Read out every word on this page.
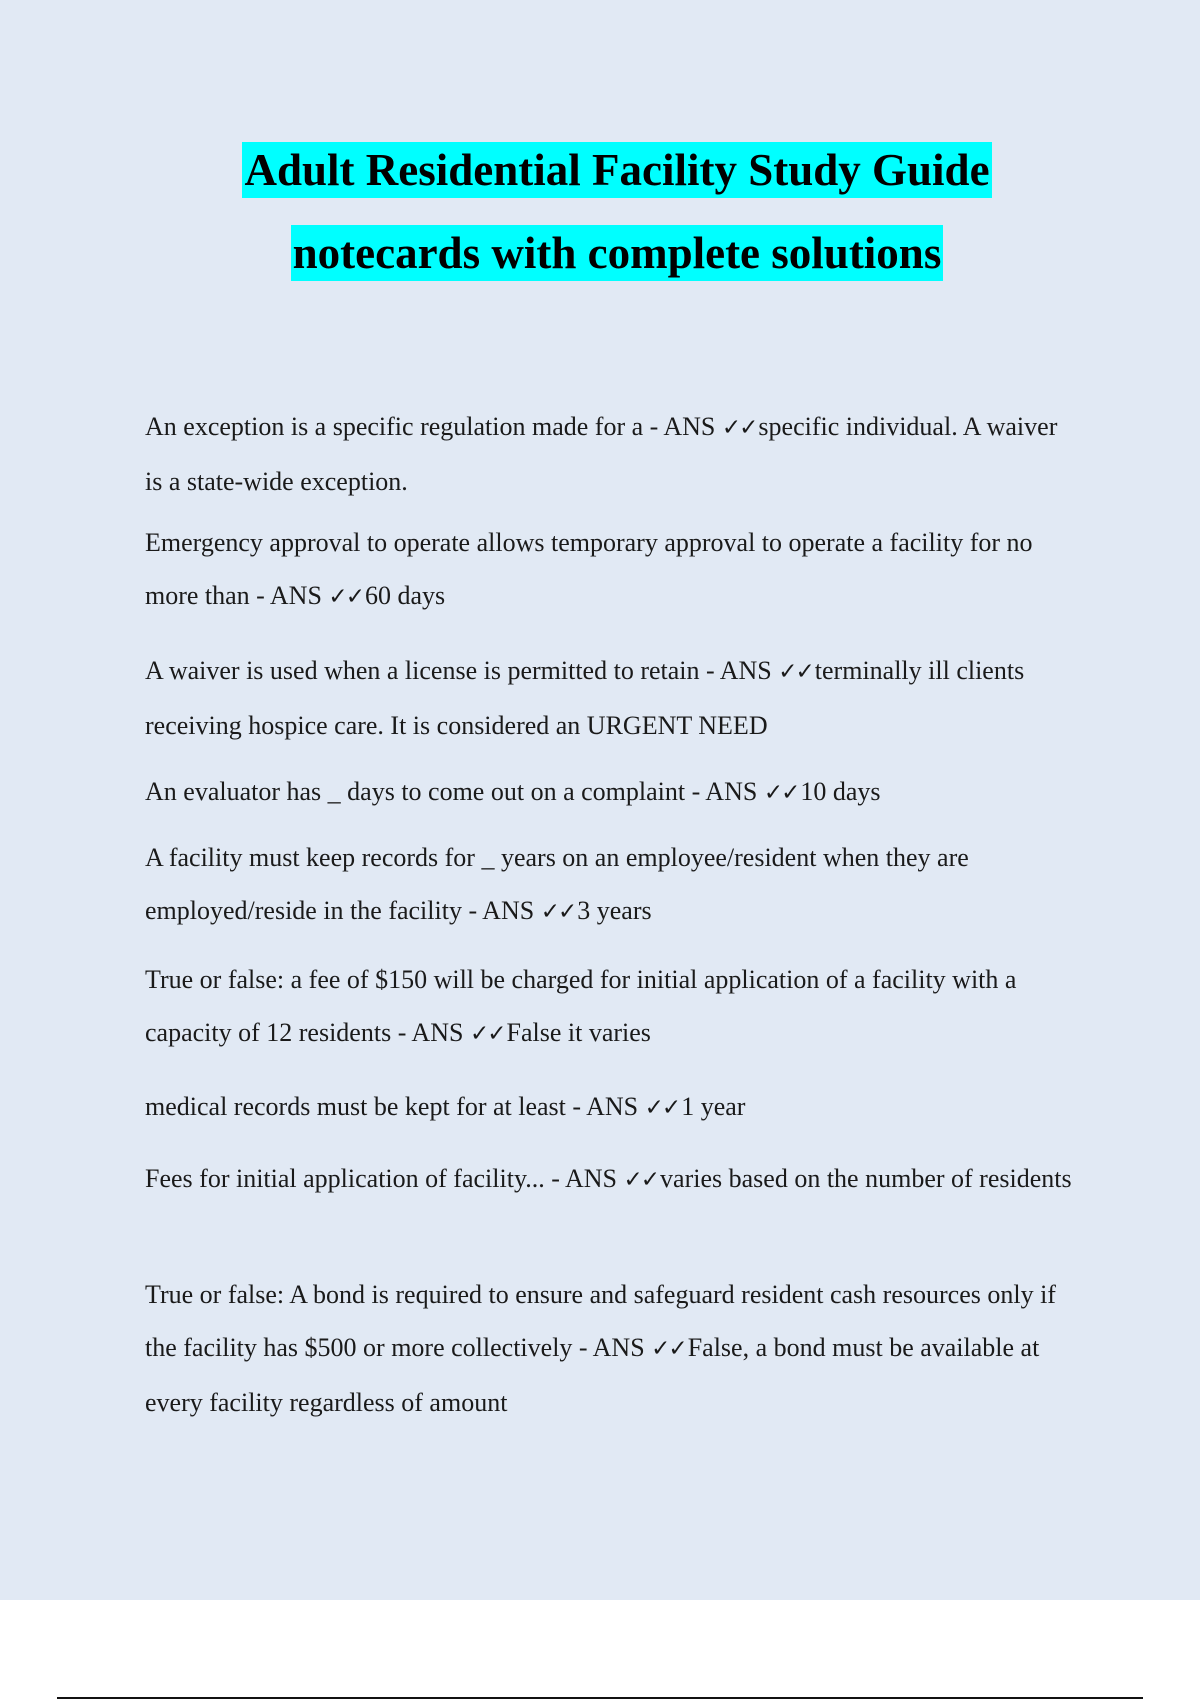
Adult Residential Facility Study Guide
notecards with complete solutions

An exception is a specific regulation made for a - ANS ✓✓specific individual. A waiver is a state-wide exception.

Emergency approval to operate allows temporary approval to operate a facility for no more than - ANS ✓✓60 days

A waiver is used when a license is permitted to retain - ANS ✓✓terminally ill clients receiving hospice care. It is considered an URGENT NEED

An evaluator has _ days to come out on a complaint - ANS ✓✓10 days

A facility must keep records for _ years on an employee/resident when they are employed/reside in the facility - ANS ✓✓3 years

True or false: a fee of $150 will be charged for initial application of a facility with a capacity of 12 residents - ANS ✓✓False it varies

medical records must be kept for at least - ANS ✓✓1 year

Fees for initial application of facility... - ANS ✓✓varies based on the number of residents

True or false: A bond is required to ensure and safeguard resident cash resources only if the facility has $500 or more collectively - ANS ✓✓False, a bond must be available at every facility regardless of amount
